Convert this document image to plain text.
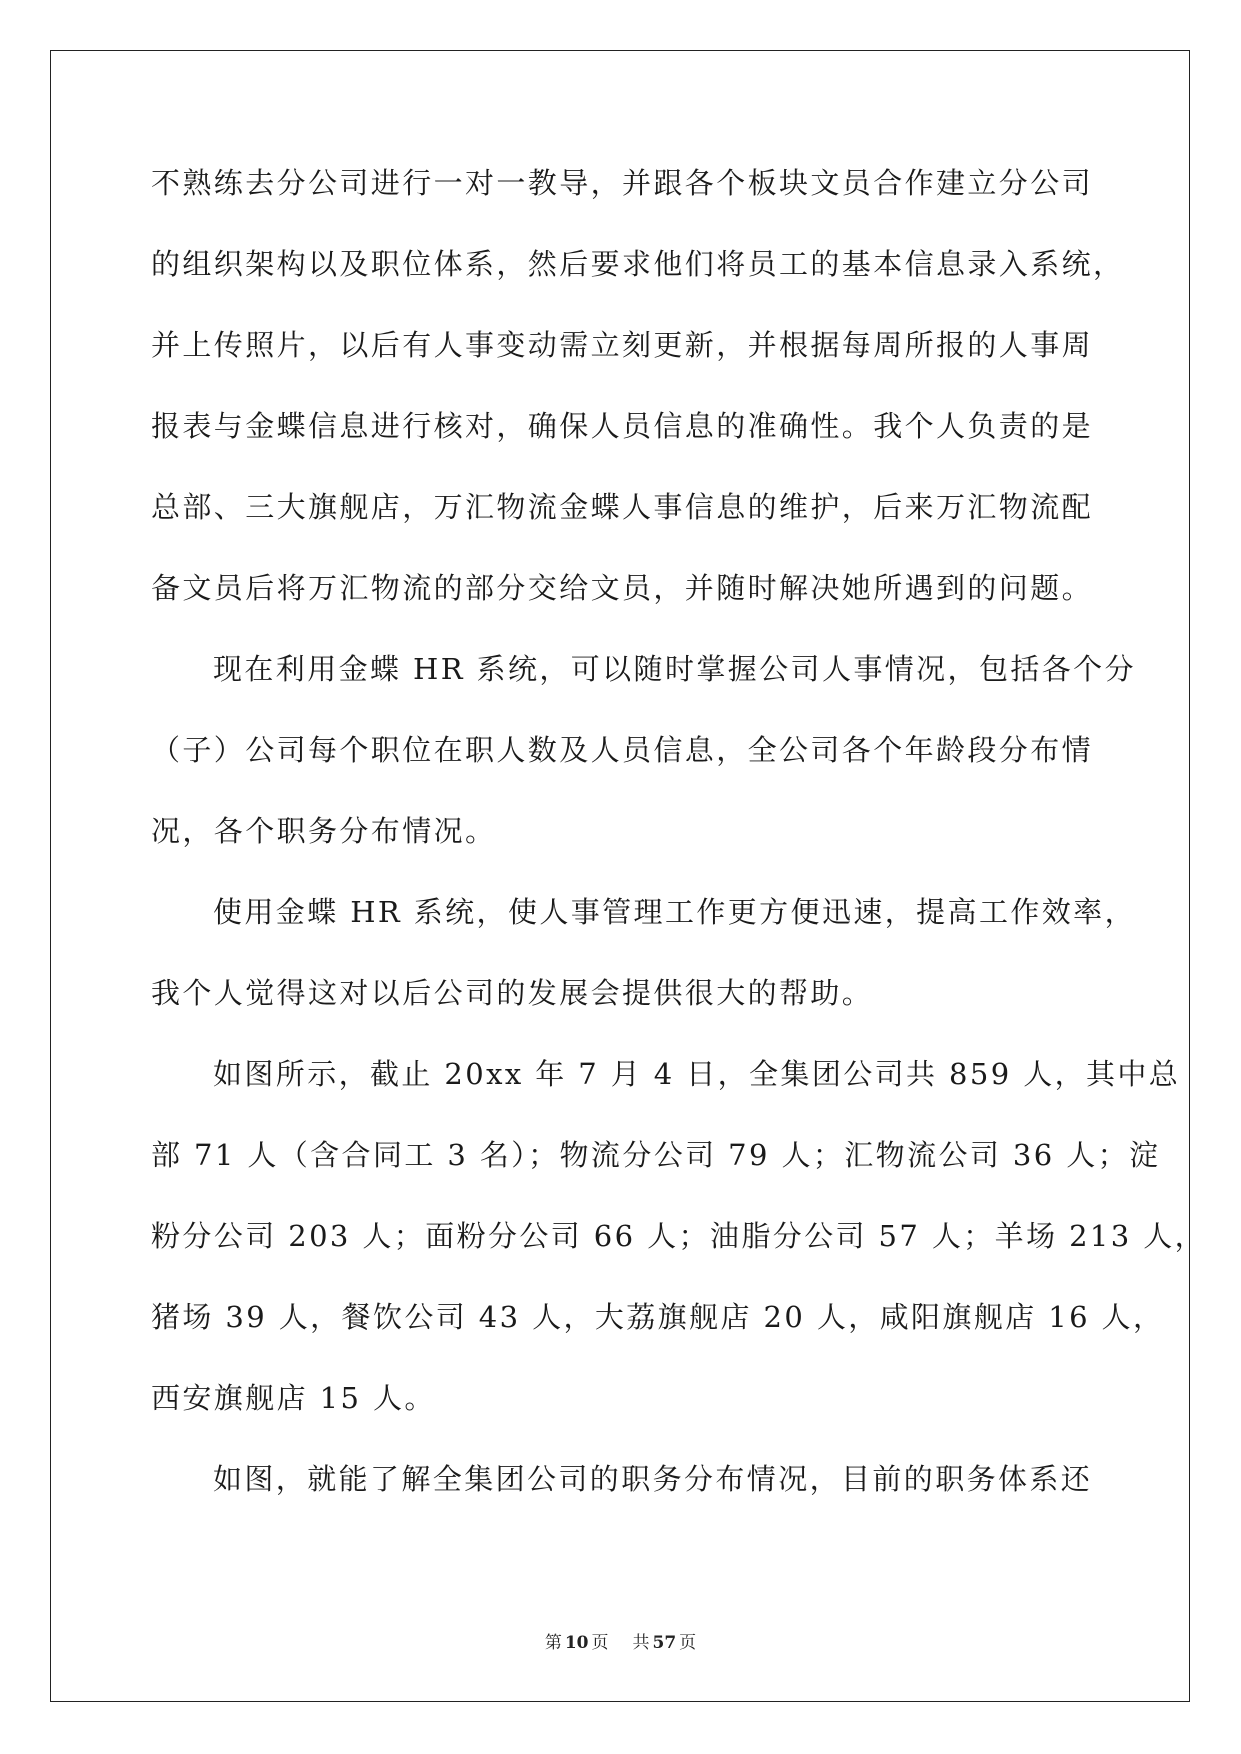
不熟练去分公司进行一对一教导，并跟各个板块文员合作建立分公司
的组织架构以及职位体系，然后要求他们将员工的基本信息录入系统，
并上传照片，以后有人事变动需立刻更新，并根据每周所报的人事周
报表与金蝶信息进行核对，确保人员信息的准确性。我个人负责的是
总部、三大旗舰店，万汇物流金蝶人事信息的维护，后来万汇物流配
备文员后将万汇物流的部分交给文员，并随时解决她所遇到的问题。
现在利用金蝶 HR 系统，可以随时掌握公司人事情况，包括各个分
（子）公司每个职位在职人数及人员信息，全公司各个年龄段分布情
况，各个职务分布情况。
使用金蝶 HR 系统，使人事管理工作更方便迅速，提高工作效率，
我个人觉得这对以后公司的发展会提供很大的帮助。
如图所示，截止 20xx 年 7 月 4 日，全集团公司共 859 人，其中总
部 71 人（含合同工 3 名）；物流分公司 79 人；汇物流公司 36 人；淀
粉分公司 203 人；面粉分公司 66 人；油脂分公司 57 人；羊场 213 人，
猪场 39 人，餐饮公司 43 人，大荔旗舰店 20 人，咸阳旗舰店 16 人，
西安旗舰店 15 人。
如图，就能了解全集团公司的职务分布情况，目前的职务体系还
第 10 页 共 57 页
